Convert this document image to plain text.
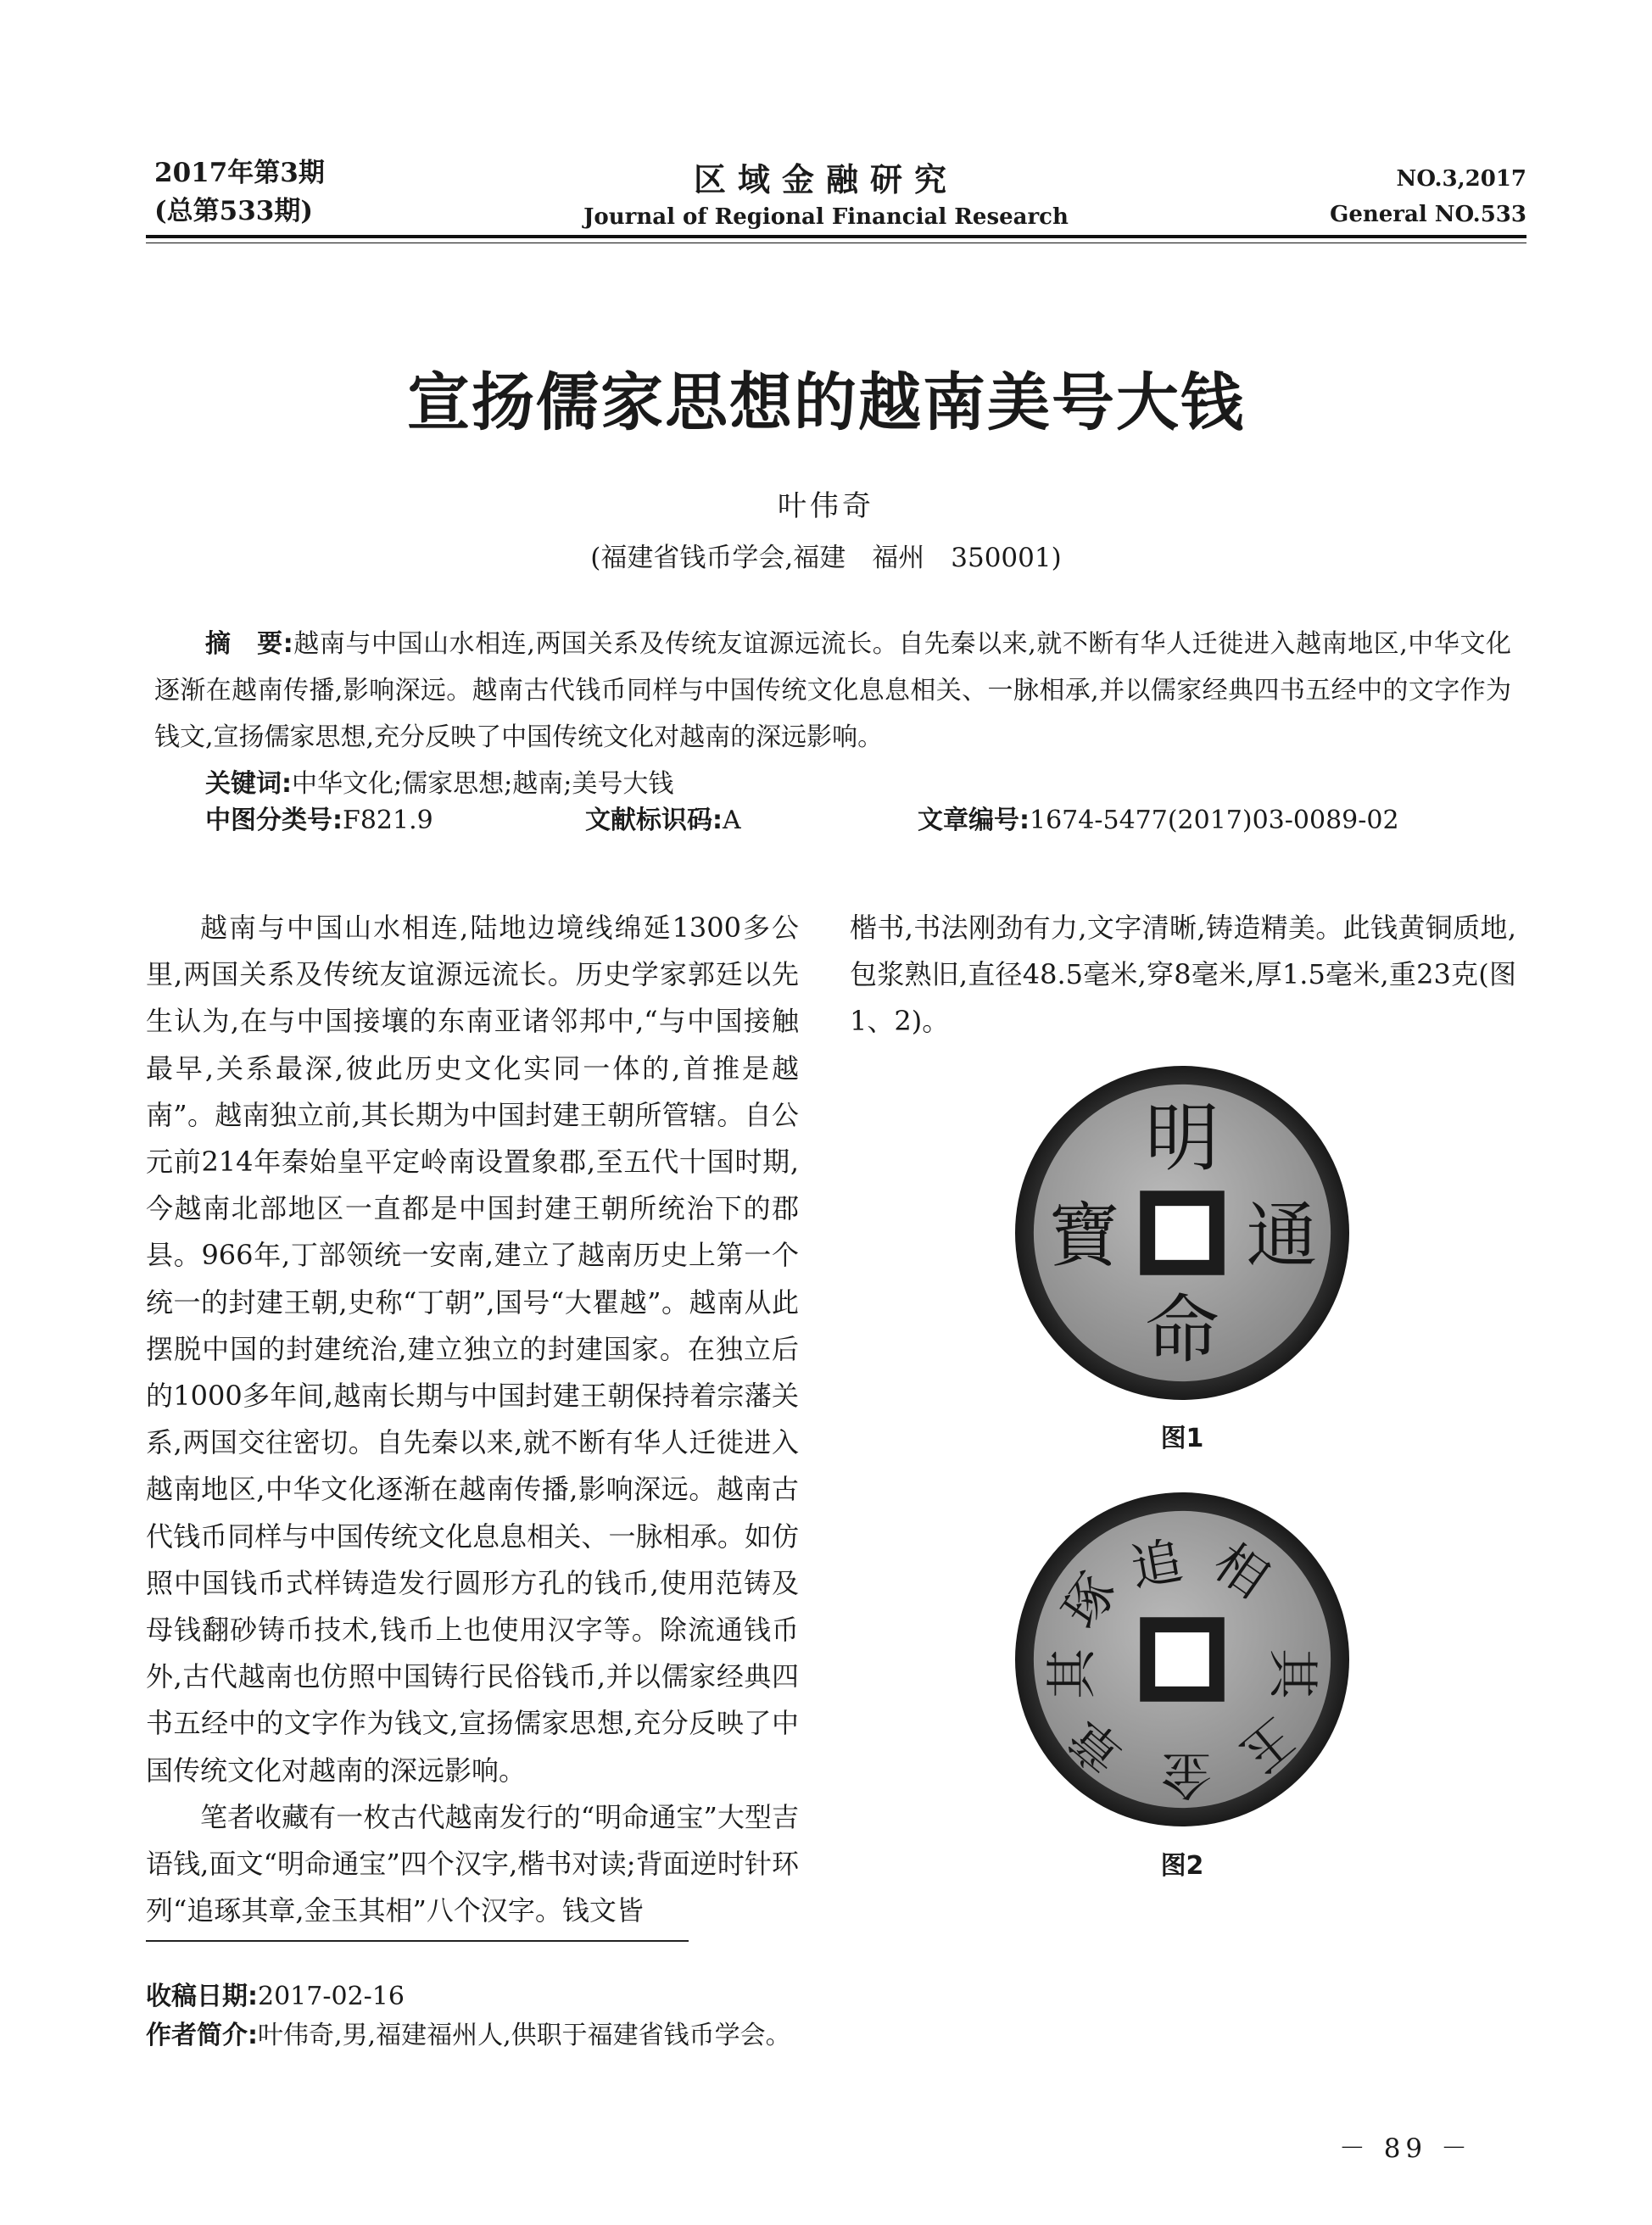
2017年第3期
(总第533期)
区域金融研究
Journal of Regional Financial Research
NO.3,2017
General NO.533
宣扬儒家思想的越南美号大钱
叶伟奇
(福建省钱币学会,福建　福州　350001)
摘　要:越南与中国山水相连,两国关系及传统友谊源远流长。自先秦以来,就不断有华人迁徙进入越南地区,中华文化逐渐在越南传播,影响深远。越南古代钱币同样与中国传统文化息息相关、一脉相承,并以儒家经典四书五经中的文字作为钱文,宣扬儒家思想,充分反映了中国传统文化对越南的深远影响。
关键词:中华文化;儒家思想;越南;美号大钱
中图分类号:F821.9	文献标识码:A	文章编号:1674-5477(2017)03-0089-02

越南与中国山水相连,陆地边境线绵延1300多公里,两国关系及传统友谊源远流长。历史学家郭廷以先生认为,在与中国接壤的东南亚诸邻邦中,“与中国接触最早,关系最深,彼此历史文化实同一体的,首推是越南”。越南独立前,其长期为中国封建王朝所管辖。自公元前214年秦始皇平定岭南设置象郡,至五代十国时期,今越南北部地区一直都是中国封建王朝所统治下的郡县。966年,丁部领统一安南,建立了越南历史上第一个统一的封建王朝,史称“丁朝”,国号“大瞿越”。越南从此摆脱中国的封建统治,建立独立的封建国家。在独立后的1000多年间,越南长期与中国封建王朝保持着宗藩关系,两国交往密切。自先秦以来,就不断有华人迁徙进入越南地区,中华文化逐渐在越南传播,影响深远。越南古代钱币同样与中国传统文化息息相关、一脉相承。如仿照中国钱币式样铸造发行圆形方孔的钱币,使用范铸及母钱翻砂铸币技术,钱币上也使用汉字等。除流通钱币外,古代越南也仿照中国铸行民俗钱币,并以儒家经典四书五经中的文字作为钱文,宣扬儒家思想,充分反映了中国传统文化对越南的深远影响。

笔者收藏有一枚古代越南发行的“明命通宝”大型吉语钱,面文“明命通宝”四个汉字,楷书对读;背面逆时针环列“追琢其章,金玉其相”八个汉字。钱文皆

楷书,书法刚劲有力,文字清晰,铸造精美。此钱黄铜质地,包浆熟旧,直径48.5毫米,穿8毫米,厚1.5毫米,重23克(图1、2)。

明
命
通
寶
图1
追
琢
其
章 金 玉
其
相
图2
收稿日期:2017-02-16
作者简介:叶伟奇,男,福建福州人,供职于福建省钱币学会。
－ 89 －
